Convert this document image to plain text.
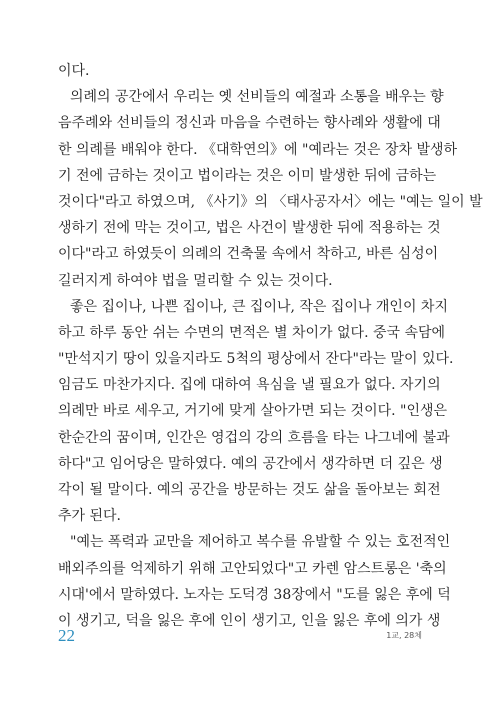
이다.
의례의 공간에서 우리는 옛 선비들의 예절과 소통을 배우는 향
음주례와 선비들의 정신과 마음을 수련하는 향사례와 생활에 대
한 의례를 배워야 한다. 《대학연의》에 "예라는 것은 장차 발생하
기 전에 금하는 것이고 법이라는 것은 이미 발생한 뒤에 금하는
것이다"라고 하였으며, 《사기》의 〈태사공자서〉에는 "예는 일이 발
생하기 전에 막는 것이고, 법은 사건이 발생한 뒤에 적용하는 것
이다"라고 하였듯이 의례의 건축물 속에서 착하고, 바른 심성이
길러지게 하여야 법을 멀리할 수 있는 것이다.
좋은 집이나, 나쁜 집이나, 큰 집이나, 작은 집이나 개인이 차지
하고 하루 동안 쉬는 수면의 면적은 별 차이가 없다. 중국 속담에
"만석지기 땅이 있을지라도 5척의 평상에서 잔다"라는 말이 있다.
임금도 마찬가지다. 집에 대하여 욕심을 낼 필요가 없다. 자기의
의례만 바로 세우고, 거기에 맞게 살아가면 되는 것이다. "인생은
한순간의 꿈이며, 인간은 영겁의 강의 흐름을 타는 나그네에 불과
하다"고 임어당은 말하였다. 예의 공간에서 생각하면 더 깊은 생
각이 될 말이다. 예의 공간을 방문하는 것도 삶을 돌아보는 회전
추가 된다.
"예는 폭력과 교만을 제어하고 복수를 유발할 수 있는 호전적인
배외주의를 억제하기 위해 고안되었다"고 카렌 암스트롱은 '축의
시대'에서 말하였다. 노자는 도덕경 38장에서 "도를 잃은 후에 덕
이 생기고, 덕을 잃은 후에 인이 생기고, 인을 잃은 후에 의가 생
22	1교, 28체
